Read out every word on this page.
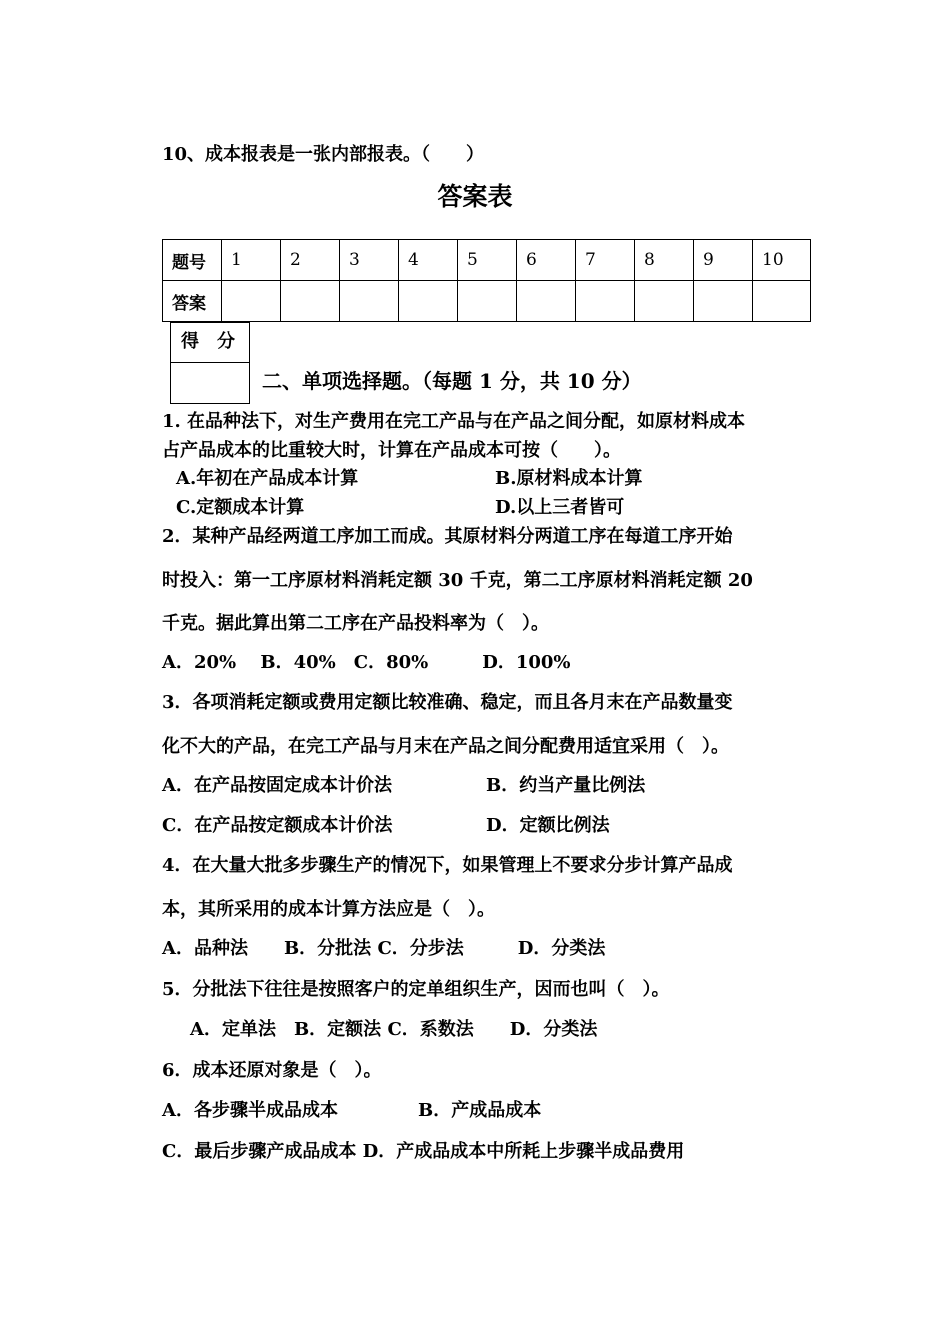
10、成本报表是一张内部报表。（　　）
答案表
题号	1	2	3	4	5	6	7	8	9	10
答案										
得　分
二、单项选择题。（每题 1 分，共 10 分）
1. 在品种法下，对生产费用在完工产品与在产品之间分配，如原材料成本
占产品成本的比重较大时，计算在产品成本可按（　　）。
A.年初在产品成本计算	B.原材料成本计算
C.定额成本计算	D.以上三者皆可
2．某种产品经两道工序加工而成。其原材料分两道工序在每道工序开始
时投入：第一工序原材料消耗定额 30 千克，第二工序原材料消耗定额 20
千克。据此算出第二工序在产品投料率为（　）。
A．20%　 B．40%　C．80%　　　D．100%
3．各项消耗定额或费用定额比较准确、稳定，而且各月末在产品数量变
化不大的产品，在完工产品与月末在产品之间分配费用适宜采用（　）。
A．在产品按固定成本计价法	B．约当产量比例法
C．在产品按定额成本计价法	D．定额比例法
4．在大量大批多步骤生产的情况下，如果管理上不要求分步计算产品成
本，其所采用的成本计算方法应是（　）。
A．品种法　　B．分批法 C．分步法　　　D．分类法
5．分批法下往往是按照客户的定单组织生产，因而也叫（　）。
A．定单法　B．定额法 C．系数法　　D．分类法
6．成本还原对象是（　）。
A．各步骤半成品成本	B．产成品成本
C．最后步骤产成品成本 D．产成品成本中所耗上步骤半成品费用
